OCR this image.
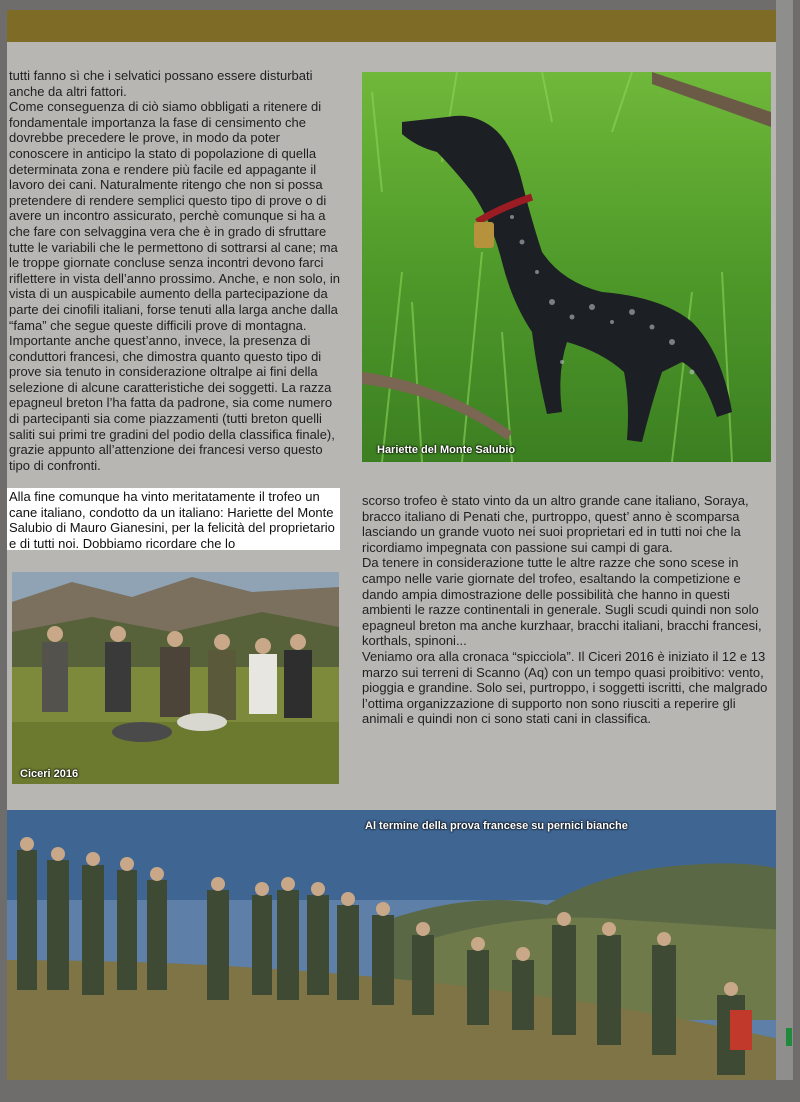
tutti fanno sì che i selvatici possano essere disturbati anche da altri fattori.

Come conseguenza di ciò siamo obbligati a ritenere di fondamentale importanza la fase di censimento che dovrebbe precedere le prove, in modo da poter conoscere in anticipo la stato di popolazione di quella determinata zona e rendere più facile ed appagante il lavoro dei cani. Naturalmente ritengo che non si possa pretendere di rendere semplici questo tipo di prove o di avere un incontro assicurato, perchè comunque si ha a che fare con selvaggina vera che è in grado di sfruttare tutte le variabili che le permettono di sottrarsi al cane; ma le troppe giornate concluse senza incontri devono farci riflettere in vista dell’anno prossimo. Anche, e non solo, in vista di un auspicabile aumento della partecipazione da parte dei cinofili italiani, forse tenuti alla larga anche dalla “fama” che segue queste difficili prove di montagna.

Importante anche quest’anno, invece, la presenza di conduttori francesi, che dimostra quanto questo tipo di prove sia tenuto in considerazione oltralpe ai fini della selezione di alcune caratteristiche dei soggetti. La razza epagneul breton l’ha fatta da padrone, sia come numero di partecipanti sia come piazzamenti (tutti breton quelli saliti sui primi tre gradini del podio della classifica finale), grazie appunto all’attenzione dei francesi verso questo tipo di confronti.

Alla fine comunque ha vinto meritatamente il trofeo un cane italiano, condotto da un italiano: Hariette del Monte Salubio di Mauro Gianesini, per la felicità del proprietario e di tutti noi. Dobbiamo ricordare che lo
Hariette del Monte Salubio
Ciceri 2016

scorso trofeo è stato vinto da un altro grande cane italiano, Soraya, bracco italiano di Penati che, purtroppo, quest’ anno è scomparsa lasciando un grande vuoto nei suoi proprietari ed in tutti noi che la ricordiamo impegnata con passione sui campi di gara.

Da tenere in considerazione tutte le altre razze che sono scese in campo nelle varie giornate del trofeo, esaltando la competizione e dando ampia dimostrazione delle possibilità che hanno in questi ambienti le razze continentali in generale. Sugli scudi quindi non solo epagneul breton ma anche kurzhaar, bracchi italiani, bracchi francesi, korthals, spinoni...

Veniamo ora alla cronaca “spicciola”. Il Ciceri 2016 è iniziato il 12 e 13 marzo sui terreni di Scanno (Aq) con un tempo quasi proibitivo: vento, pioggia e grandine. Solo sei, purtroppo, i soggetti iscritti, che malgrado l’ottima organizzazione di supporto non sono riusciti a reperire gli animali e quindi non ci sono stati cani in classifica.

Al termine della prova francese su pernici bianche
